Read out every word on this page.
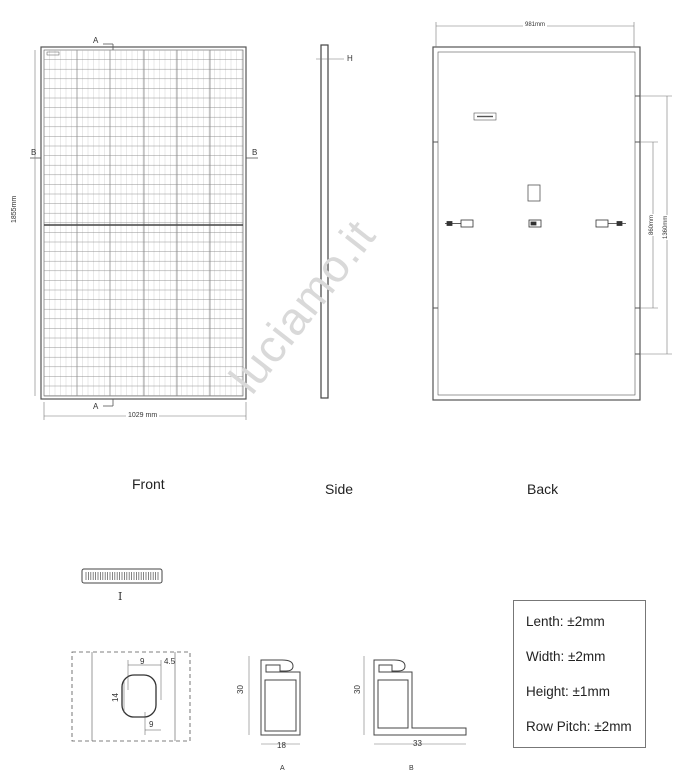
luciamo.it
A
A
B	B
1855mm
1029 mm
Front
H
Side
981mm
860mm 1360mm
Back
I
9 4.5
14
9
30
18
A
30
33
B
Lenth: ±2mm
Width: ±2mm
Height: ±1mm
Row Pitch: ±2mm
